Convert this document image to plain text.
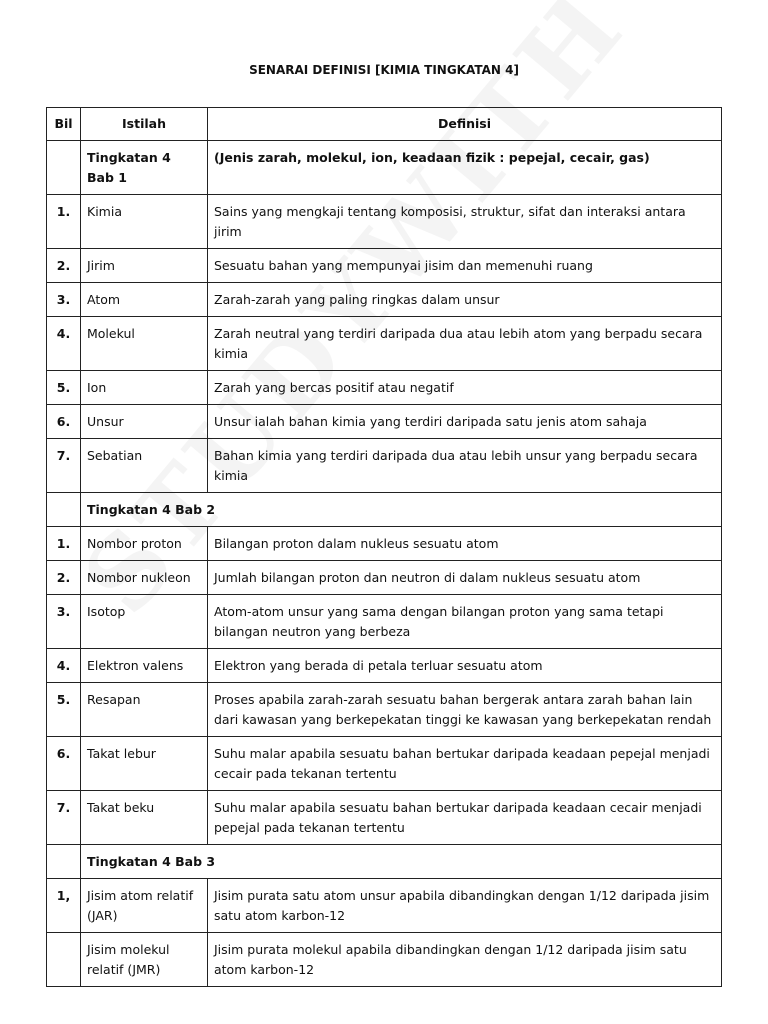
SENARAI DEFINISI [KIMIA TINGKATAN 4]
Bil	Istilah	Definisi
	Tingkatan 4 Bab 1	(Jenis zarah, molekul, ion, keadaan fizik : pepejal, cecair, gas)
1.	Kimia	Sains yang mengkaji tentang komposisi, struktur, sifat dan interaksi antara jirim
2.	Jirim	Sesuatu bahan yang mempunyai jisim dan memenuhi ruang
3.	Atom	Zarah-zarah yang paling ringkas dalam unsur
4.	Molekul	Zarah neutral yang terdiri daripada dua atau lebih atom yang berpadu secara kimia
5.	Ion	Zarah yang bercas positif atau negatif
6.	Unsur	Unsur ialah bahan kimia yang terdiri daripada satu jenis atom sahaja
7.	Sebatian	Bahan kimia yang terdiri daripada dua atau lebih unsur yang berpadu secara kimia
	Tingkatan 4 Bab 2	
1.	Nombor proton	Bilangan proton dalam nukleus sesuatu atom
2.	Nombor nukleon	Jumlah bilangan proton dan neutron di dalam nukleus sesuatu atom
3.	Isotop	Atom-atom unsur yang sama dengan bilangan proton yang sama tetapi bilangan neutron yang berbeza
4.	Elektron valens	Elektron yang berada di petala terluar sesuatu atom
5.	Resapan	Proses apabila zarah-zarah sesuatu bahan bergerak antara zarah bahan lain dari kawasan yang berkepekatan tinggi ke kawasan yang berkepekatan rendah
6.	Takat lebur	Suhu malar apabila sesuatu bahan bertukar daripada keadaan pepejal menjadi cecair pada tekanan tertentu
7.	Takat beku	Suhu malar apabila sesuatu bahan bertukar daripada keadaan cecair menjadi pepejal pada tekanan tertentu
	Tingkatan 4 Bab 3	
1,	Jisim atom relatif (JAR)	Jisim purata satu atom unsur apabila dibandingkan dengan 1/12 daripada jisim satu atom karbon-12
	Jisim molekul relatif (JMR)	Jisim purata molekul apabila dibandingkan dengan 1/12 daripada jisim satu atom karbon-12
